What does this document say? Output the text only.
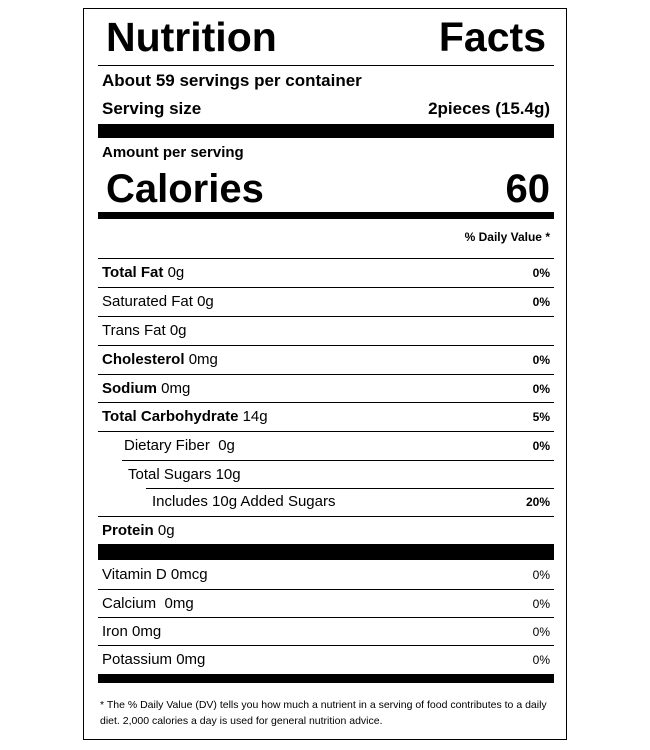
Nutrition	Facts
About 59 servings per container
Serving size	2pieces (15.4g)
Amount per serving
Calories	60
% Daily Value *
Total Fat 0g	0%
Saturated Fat 0g	0%
Trans Fat 0g
Cholesterol 0mg	0%
Sodium 0mg	0%
Total Carbohydrate 14g	5%
Dietary Fiber 0g	0%
Total Sugars 10g
Includes 10g Added Sugars	20%
Protein 0g
Vitamin D 0mcg	0%
Calcium 0mg	0%
Iron 0mg	0%
Potassium 0mg	0%
* The % Daily Value (DV) tells you how much a nutrient in a serving of food contributes to a daily diet. 2,000 calories a day is used for general nutrition advice.
